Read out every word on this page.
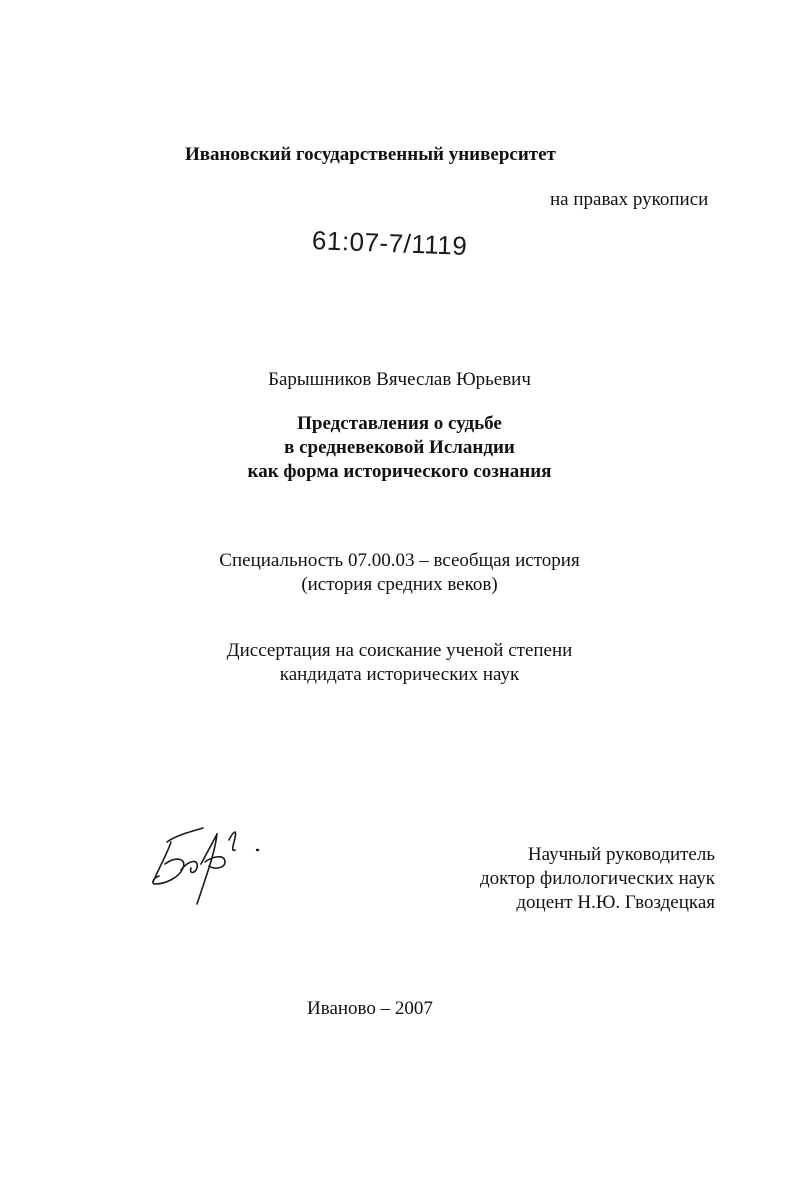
Ивановский государственный университет
на правах рукописи
61:07-7/1119
Барышников Вячеслав Юрьевич
Представления о судьбе
в средневековой Исландии
как форма исторического сознания
Специальность 07.00.03 – всеобщая история
(история средних веков)
Диссертация на соискание ученой степени
кандидата исторических наук
Научный руководитель
доктор филологических наук
доцент Н.Ю. Гвоздецкая
Иваново – 2007
